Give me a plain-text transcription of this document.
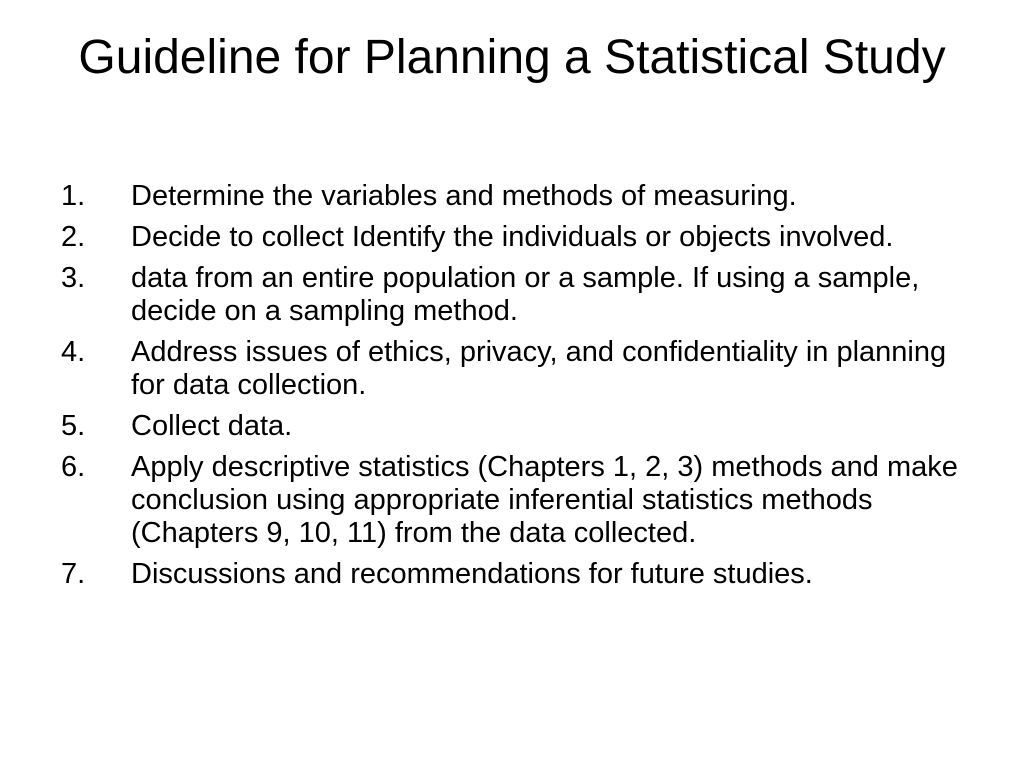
Guideline for Planning a Statistical Study
1.	Determine the variables and methods of measuring.
2.	Decide to collect Identify the individuals or objects involved.
3.	data from an entire population or a sample. If using a sample, decide on a sampling method.
4.	Address issues of ethics, privacy, and confidentiality in planning for data collection.
5.	Collect data.
6.	Apply descriptive statistics (Chapters 1, 2, 3) methods and make conclusion using appropriate inferential statistics methods (Chapters 9, 10, 11) from the data collected.
7.	Discussions and recommendations for future studies.
